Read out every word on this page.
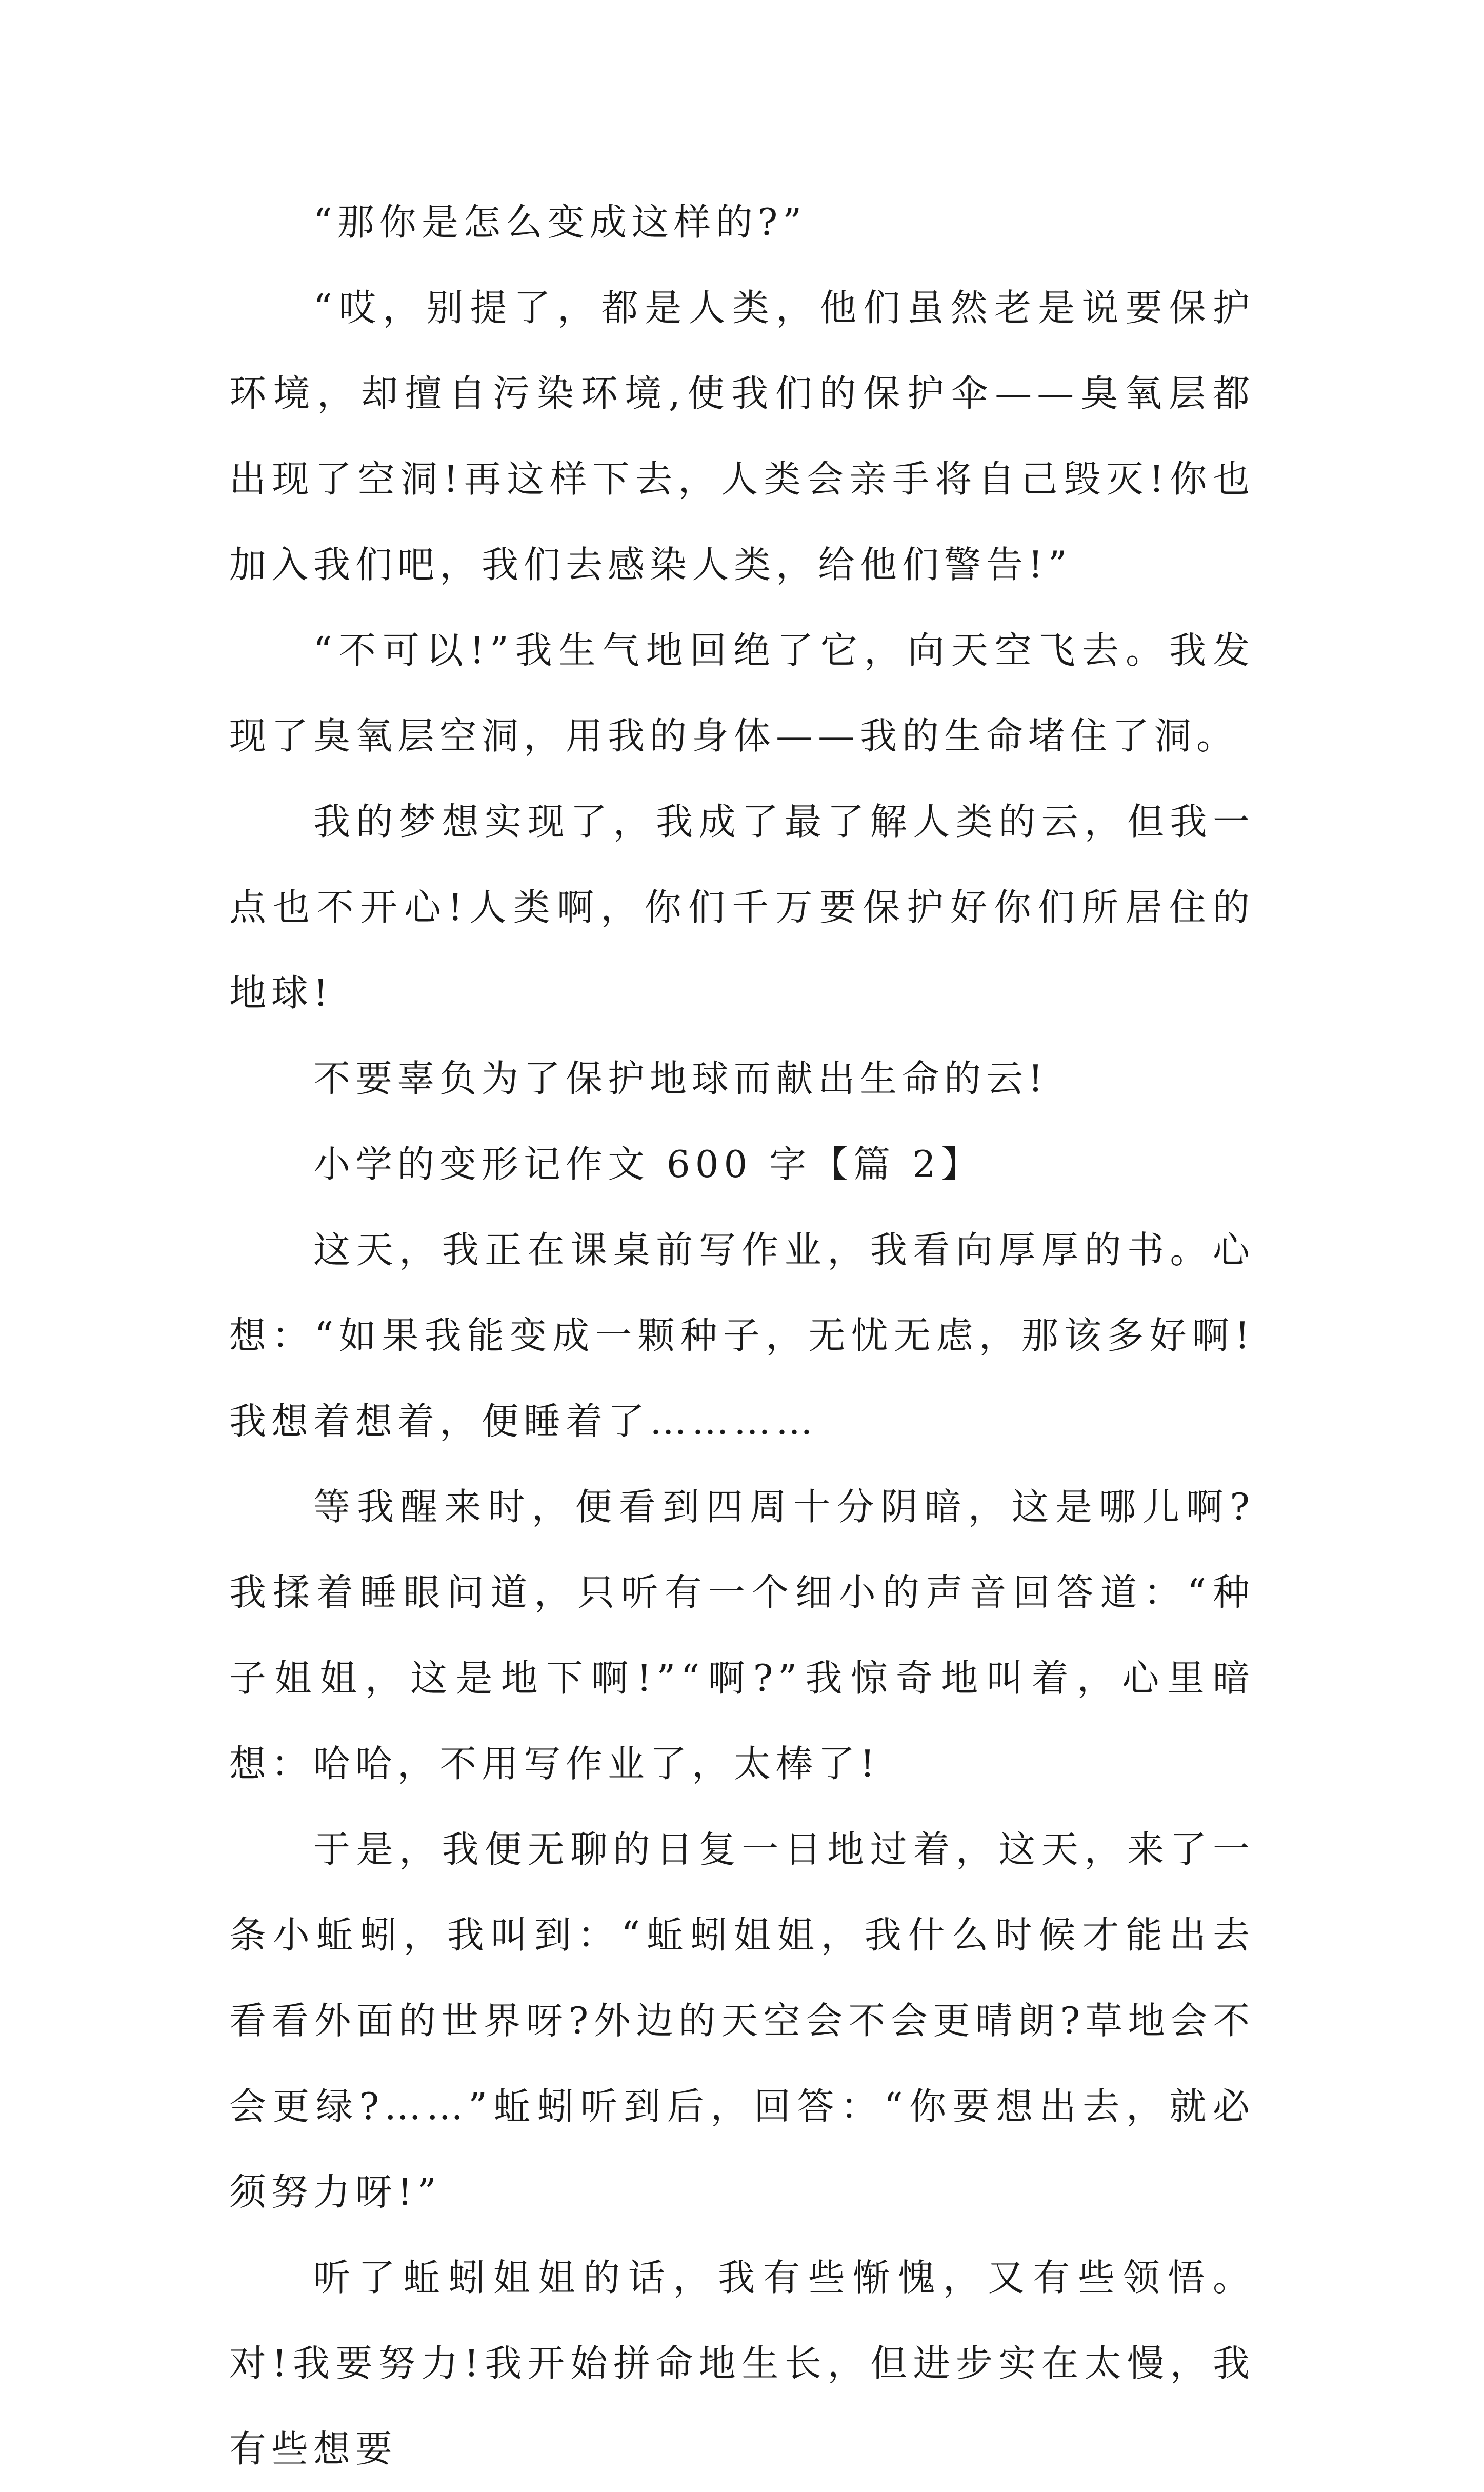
“那你是怎么变成这样的?”

“哎，别提了，都是人类，他们虽然老是说要保护环境，却擅自污染环境,使我们的保护伞——臭氧层都出现了空洞!再这样下去，人类会亲手将自己毁灭!你也加入我们吧，我们去感染人类，给他们警告!”

“不可以!”我生气地回绝了它，向天空飞去。我发现了臭氧层空洞，用我的身体——我的生命堵住了洞。

我的梦想实现了，我成了最了解人类的云，但我一点也不开心!人类啊，你们千万要保护好你们所居住的地球!

不要辜负为了保护地球而献出生命的云!

小学的变形记作文 600 字【篇 2】

这天，我正在课桌前写作业，我看向厚厚的书。心想：“如果我能变成一颗种子，无忧无虑，那该多好啊!我想着想着，便睡着了…………

等我醒来时，便看到四周十分阴暗，这是哪儿啊?我揉着睡眼问道，只听有一个细小的声音回答道：“种子姐姐，这是地下啊!”“啊?”我惊奇地叫着，心里暗想：哈哈，不用写作业了，太棒了!

于是，我便无聊的日复一日地过着，这天，来了一条小蚯蚓，我叫到：“蚯蚓姐姐，我什么时候才能出去看看外面的世界呀?外边的天空会不会更晴朗?草地会不会更绿?……”蚯蚓听到后，回答：“你要想出去，就必须努力呀!”

听了蚯蚓姐姐的话，我有些惭愧，又有些领悟。对!我要努力!我开始拼命地生长，但进步实在太慢，我有些想要
